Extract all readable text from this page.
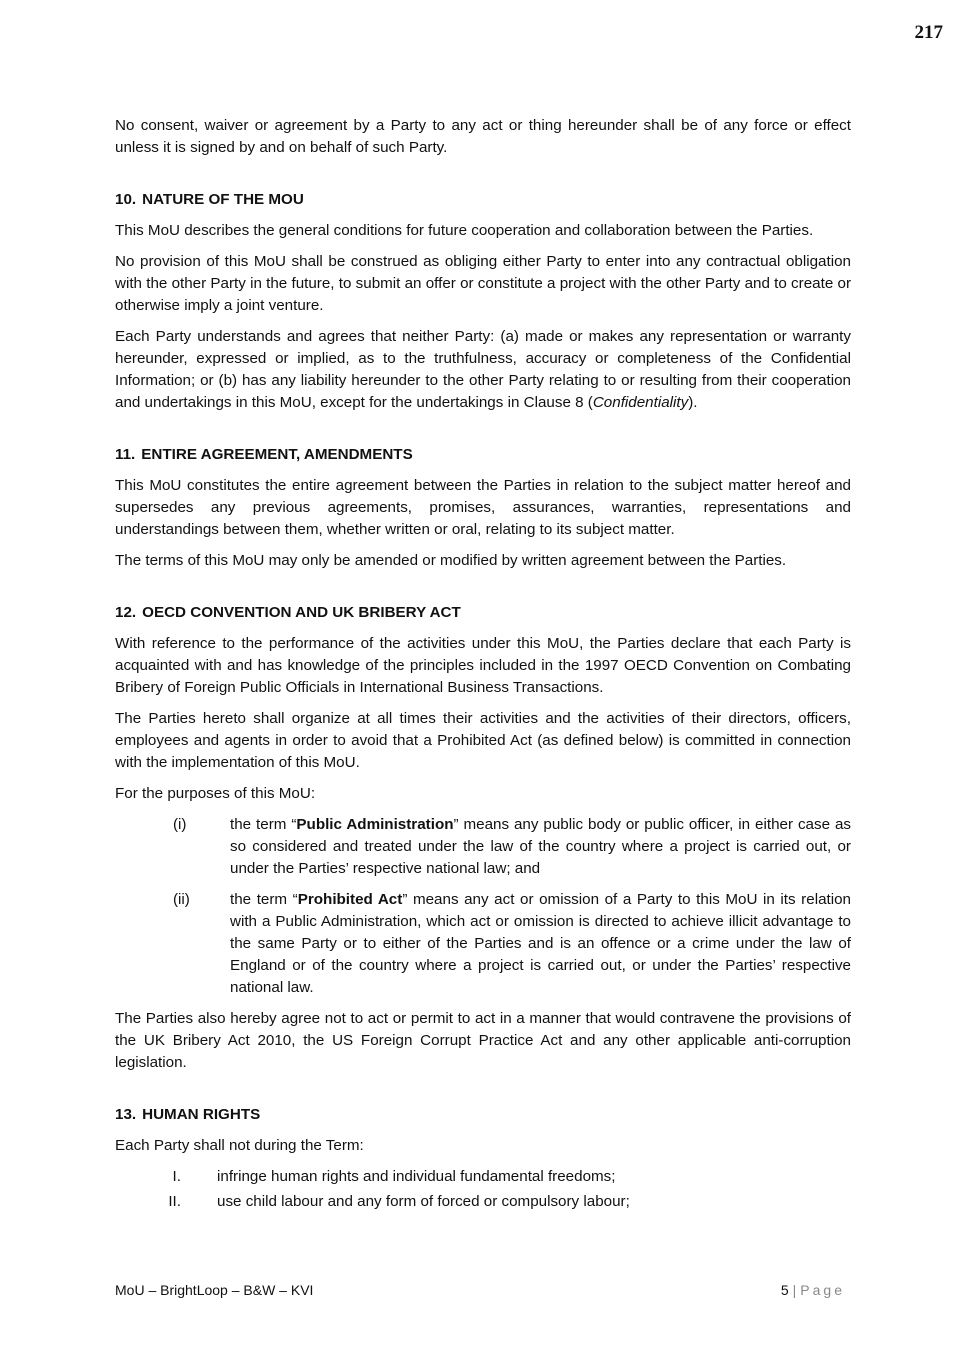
217

No consent, waiver or agreement by a Party to any act or thing hereunder shall be of any force or effect unless it is signed by and on behalf of such Party.

10. NATURE OF THE MOU

This MoU describes the general conditions for future cooperation and collaboration between the Parties.

No provision of this MoU shall be construed as obliging either Party to enter into any contractual obligation with the other Party in the future, to submit an offer or constitute a project with the other Party and to create or otherwise imply a joint venture.

Each Party understands and agrees that neither Party: (a) made or makes any representation or warranty hereunder, expressed or implied, as to the truthfulness, accuracy or completeness of the Confidential Information; or (b) has any liability hereunder to the other Party relating to or resulting from their cooperation and undertakings in this MoU, except for the undertakings in Clause 8 (Confidentiality).

11. ENTIRE AGREEMENT, AMENDMENTS

This MoU constitutes the entire agreement between the Parties in relation to the subject matter hereof and supersedes any previous agreements, promises, assurances, warranties, representations and understandings between them, whether written or oral, relating to its subject matter.

The terms of this MoU may only be amended or modified by written agreement between the Parties.

12. OECD CONVENTION AND UK BRIBERY ACT

With reference to the performance of the activities under this MoU, the Parties declare that each Party is acquainted with and has knowledge of the principles included in the 1997 OECD Convention on Combating Bribery of Foreign Public Officials in International Business Transactions.

The Parties hereto shall organize at all times their activities and the activities of their directors, officers, employees and agents in order to avoid that a Prohibited Act (as defined below) is committed in connection with the implementation of this MoU.

For the purposes of this MoU:

(i)	the term “Public Administration” means any public body or public officer, in either case as so considered and treated under the law of the country where a project is carried out, or under the Parties’ respective national law; and
(ii)	the term “Prohibited Act” means any act or omission of a Party to this MoU in its relation with a Public Administration, which act or omission is directed to achieve illicit advantage to the same Party or to either of the Parties and is an offence or a crime under the law of England or of the country where a project is carried out, or under the Parties’ respective national law.

The Parties also hereby agree not to act or permit to act in a manner that would contravene the provisions of the UK Bribery Act 2010, the US Foreign Corrupt Practice Act and any other applicable anti-corruption legislation.

13. HUMAN RIGHTS

Each Party shall not during the Term:

I.	infringe human rights and individual fundamental freedoms;
II.	use child labour and any form of forced or compulsory labour;
MoU – BrightLoop – B&W – KVI	5 | Page
